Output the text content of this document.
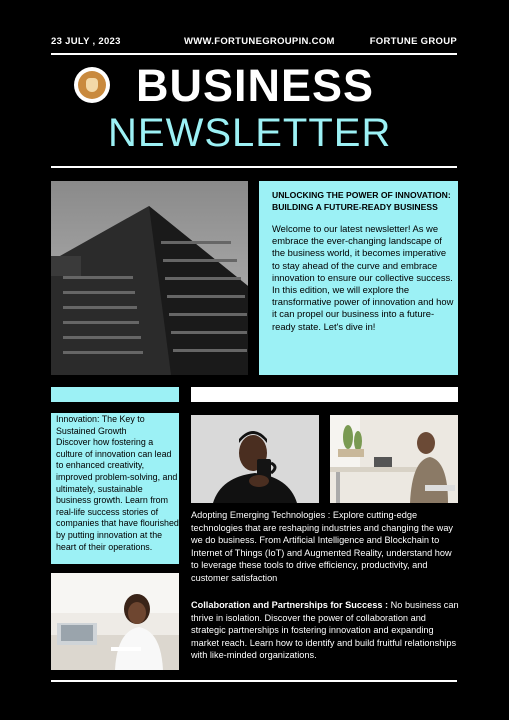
23 JULY , 2023	WWW.FORTUNEGROUPIN.COM	FORTUNE GROUP
BUSINESS
NEWSLETTER
UNLOCKING THE POWER OF INNOVATION: BUILDING A FUTURE-READY BUSINESS
Welcome to our latest newsletter! As we embrace the ever-changing landscape of the business world, it becomes imperative to stay ahead of the curve and embrace innovation to ensure our collective success. In this edition, we will explore the transformative power of innovation and how it can propel our business into a future-ready state. Let's dive in!
Innovation: The Key to Sustained Growth
Discover how fostering a culture of innovation can lead to enhanced creativity, improved problem-solving, and ultimately, sustainable business growth. Learn from real-life success stories of companies that have flourished by putting innovation at the heart of their operations.
Adopting Emerging Technologies : Explore cutting-edge technologies that are reshaping industries and changing the way we do business. From Artificial Intelligence and Blockchain to Internet of Things (IoT) and Augmented Reality, understand how to leverage these tools to drive efficiency, productivity, and customer satisfaction
Collaboration and Partnerships for Success : No business can thrive in isolation. Discover the power of collaboration and strategic partnerships in fostering innovation and expanding market reach. Learn how to identify and build fruitful relationships with like-minded organizations.
